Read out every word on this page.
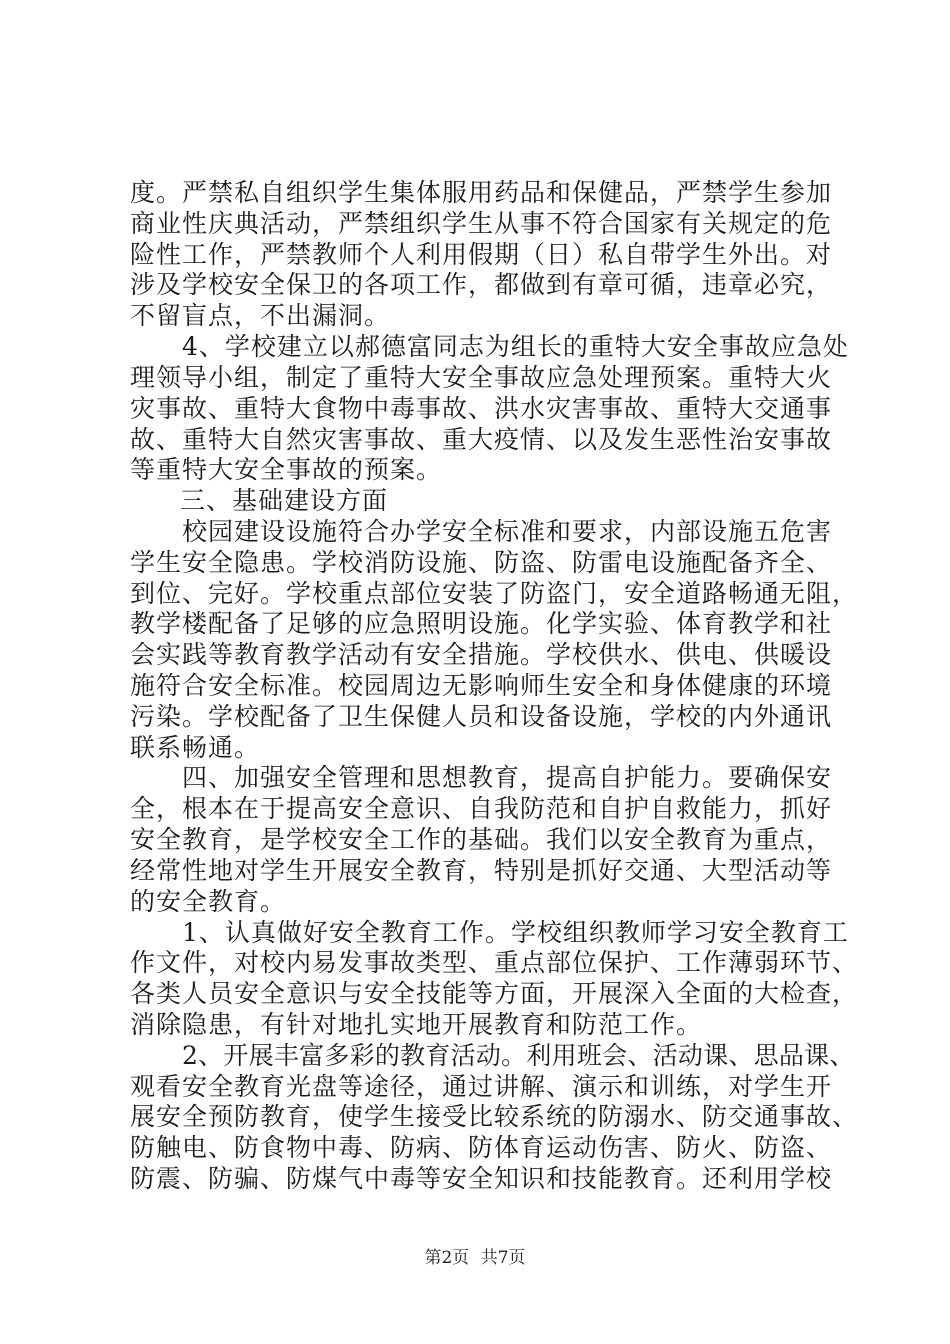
度。严禁私自组织学生集体服用药品和保健品，严禁学生参加
商业性庆典活动，严禁组织学生从事不符合国家有关规定的危
险性工作，严禁教师个人利用假期（日）私自带学生外出。对
涉及学校安全保卫的各项工作，都做到有章可循，违章必究，
不留盲点，不出漏洞。
4、学校建立以郝德富同志为组长的重特大安全事故应急处
理领导小组，制定了重特大安全事故应急处理预案。重特大火
灾事故、重特大食物中毒事故、洪水灾害事故、重特大交通事
故、重特大自然灾害事故、重大疫情、以及发生恶性治安事故
等重特大安全事故的预案。
三、基础建设方面
校园建设设施符合办学安全标准和要求，内部设施五危害
学生安全隐患。学校消防设施、防盗、防雷电设施配备齐全、
到位、完好。学校重点部位安装了防盗门，安全道路畅通无阻，
教学楼配备了足够的应急照明设施。化学实验、体育教学和社
会实践等教育教学活动有安全措施。学校供水、供电、供暖设
施符合安全标准。校园周边无影响师生安全和身体健康的环境
污染。学校配备了卫生保健人员和设备设施，学校的内外通讯
联系畅通。
四、加强安全管理和思想教育，提高自护能力。要确保安
全，根本在于提高安全意识、自我防范和自护自救能力，抓好
安全教育，是学校安全工作的基础。我们以安全教育为重点，
经常性地对学生开展安全教育，特别是抓好交通、大型活动等
的安全教育。
1、认真做好安全教育工作。学校组织教师学习安全教育工
作文件，对校内易发事故类型、重点部位保护、工作薄弱环节、
各类人员安全意识与安全技能等方面，开展深入全面的大检查，
消除隐患，有针对地扎实地开展教育和防范工作。
2、开展丰富多彩的教育活动。利用班会、活动课、思品课、
观看安全教育光盘等途径，通过讲解、演示和训练，对学生开
展安全预防教育，使学生接受比较系统的防溺水、防交通事故、
防触电、防食物中毒、防病、防体育运动伤害、防火、防盗、
防震、防骗、防煤气中毒等安全知识和技能教育。还利用学校
第2页 共7页
